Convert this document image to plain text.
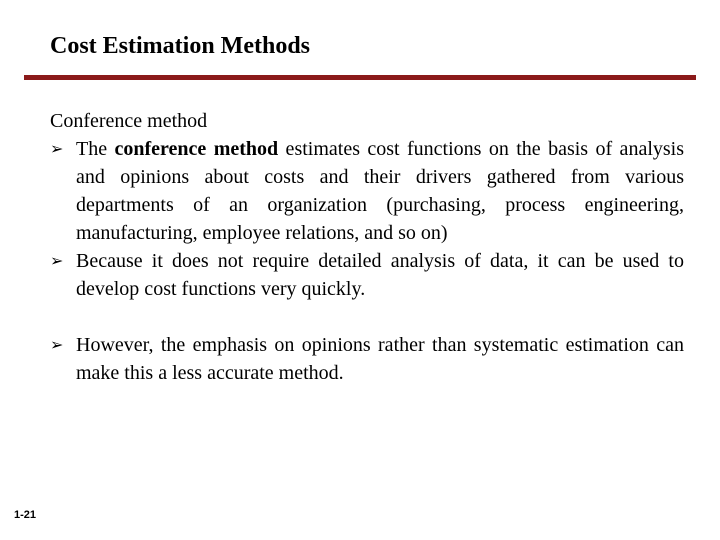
Cost Estimation Methods

Conference method

➢ The conference method estimates cost functions on the basis of analysis and opinions about costs and their drivers gathered from various departments of an organization (purchasing, process engineering, manufacturing, employee relations, and so on)

➢ Because it does not require detailed analysis of data, it can be used to develop cost functions very quickly.

➢ However, the emphasis on opinions rather than systematic estimation can make this a less accurate method.

1-21
